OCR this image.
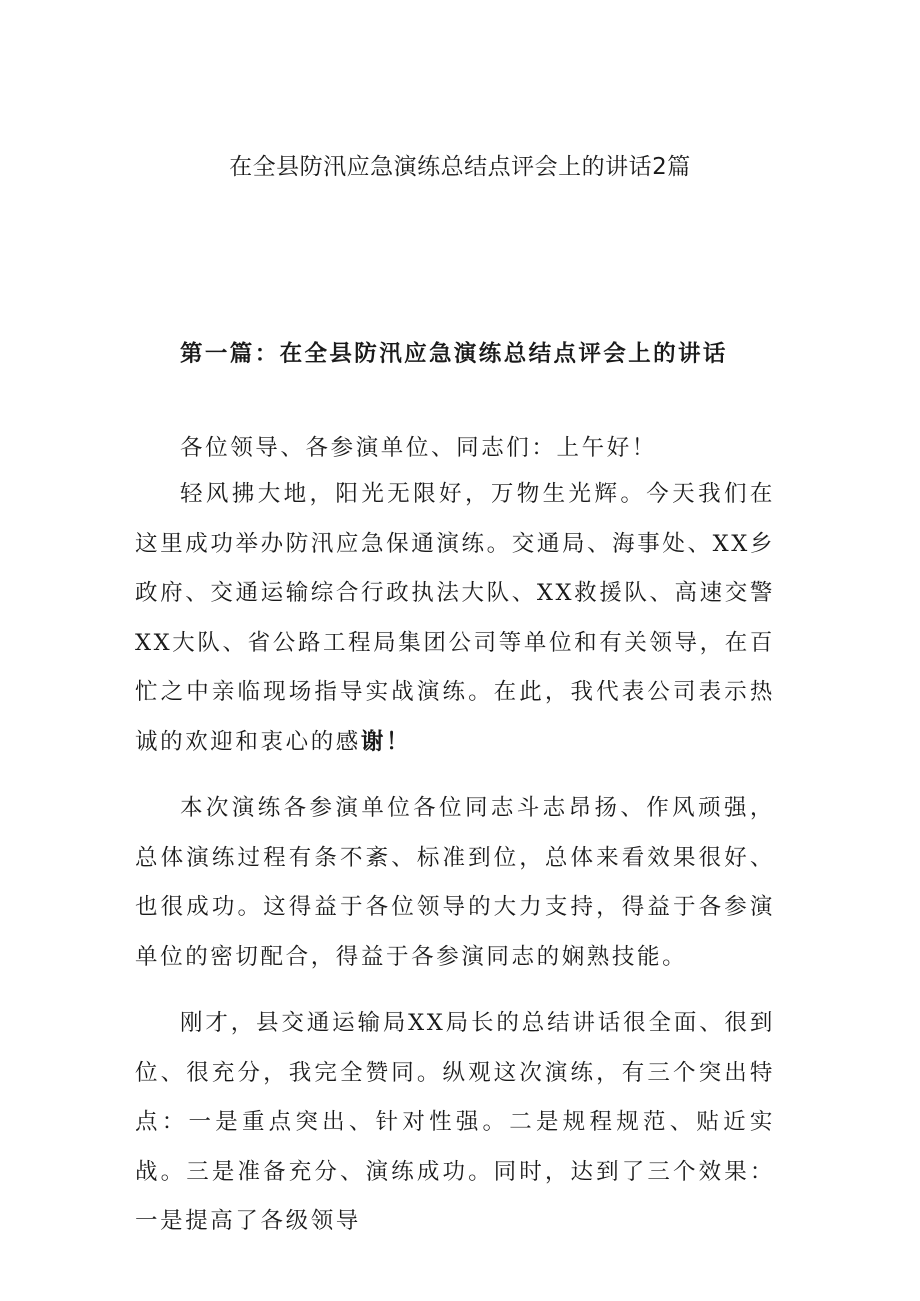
在全县防汛应急演练总结点评会上的讲话2篇
第一篇：在全县防汛应急演练总结点评会上的讲话

各位领导、各参演单位、同志们：上午好！

轻风拂大地，阳光无限好，万物生光辉。今天我们在这里成功举办防汛应急保通演练。交通局、海事处、XX乡政府、交通运输综合行政执法大队、XX救援队、高速交警XX大队、省公路工程局集团公司等单位和有关领导，在百忙之中亲临现场指导实战演练。在此，我代表公司表示热诚的欢迎和衷心的感谢！

本次演练各参演单位各位同志斗志昂扬、作风顽强，总体演练过程有条不紊、标准到位，总体来看效果很好、也很成功。这得益于各位领导的大力支持，得益于各参演单位的密切配合，得益于各参演同志的娴熟技能。

刚才，县交通运输局XX局长的总结讲话很全面、很到位、很充分，我完全赞同。纵观这次演练，有三个突出特点：一是重点突出、针对性强。二是规程规范、贴近实战。三是准备充分、演练成功。同时，达到了三个效果：一是提高了各级领导
